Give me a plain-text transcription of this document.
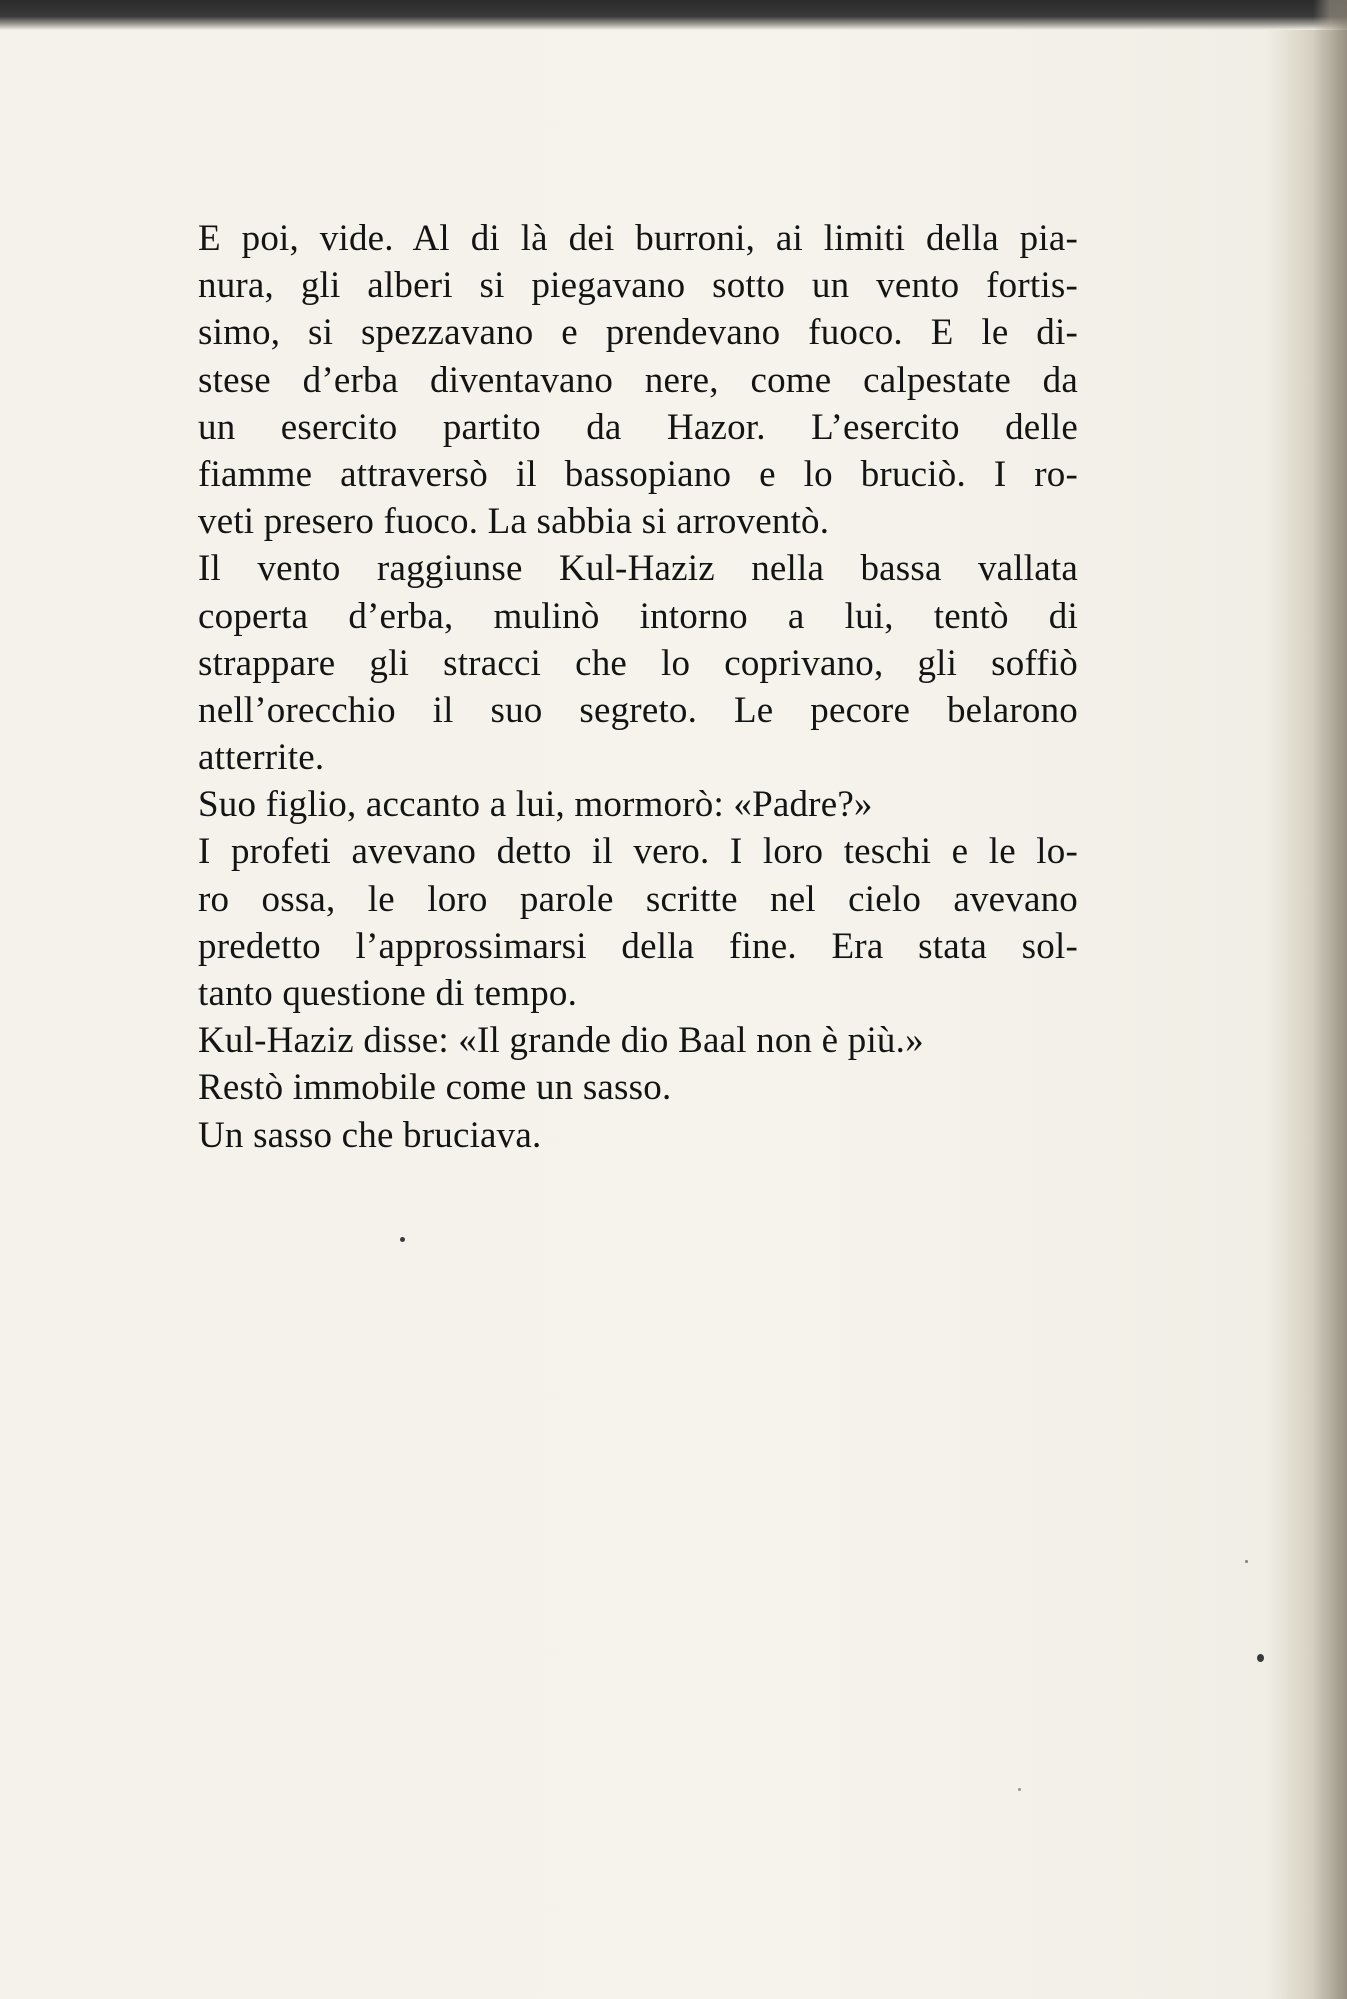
E poi, vide. Al di là dei burroni, ai limiti della pia-
nura, gli alberi si piegavano sotto un vento fortis-
simo, si spezzavano e prendevano fuoco. E le di-
stese d’erba diventavano nere, come calpestate da
un esercito partito da Hazor. L’esercito delle
fiamme attraversò il bassopiano e lo bruciò. I ro-
veti presero fuoco. La sabbia si arroventò.
Il vento raggiunse Kul-Haziz nella bassa vallata
coperta d’erba, mulinò intorno a lui, tentò di
strappare gli stracci che lo coprivano, gli soffiò
nell’orecchio il suo segreto. Le pecore belarono
atterrite.
Suo figlio, accanto a lui, mormorò: «Padre?»
I profeti avevano detto il vero. I loro teschi e le lo-
ro ossa, le loro parole scritte nel cielo avevano
predetto l’approssimarsi della fine. Era stata sol-
tanto questione di tempo.
Kul-Haziz disse: «Il grande dio Baal non è più.»
Restò immobile come un sasso.
Un sasso che bruciava.
